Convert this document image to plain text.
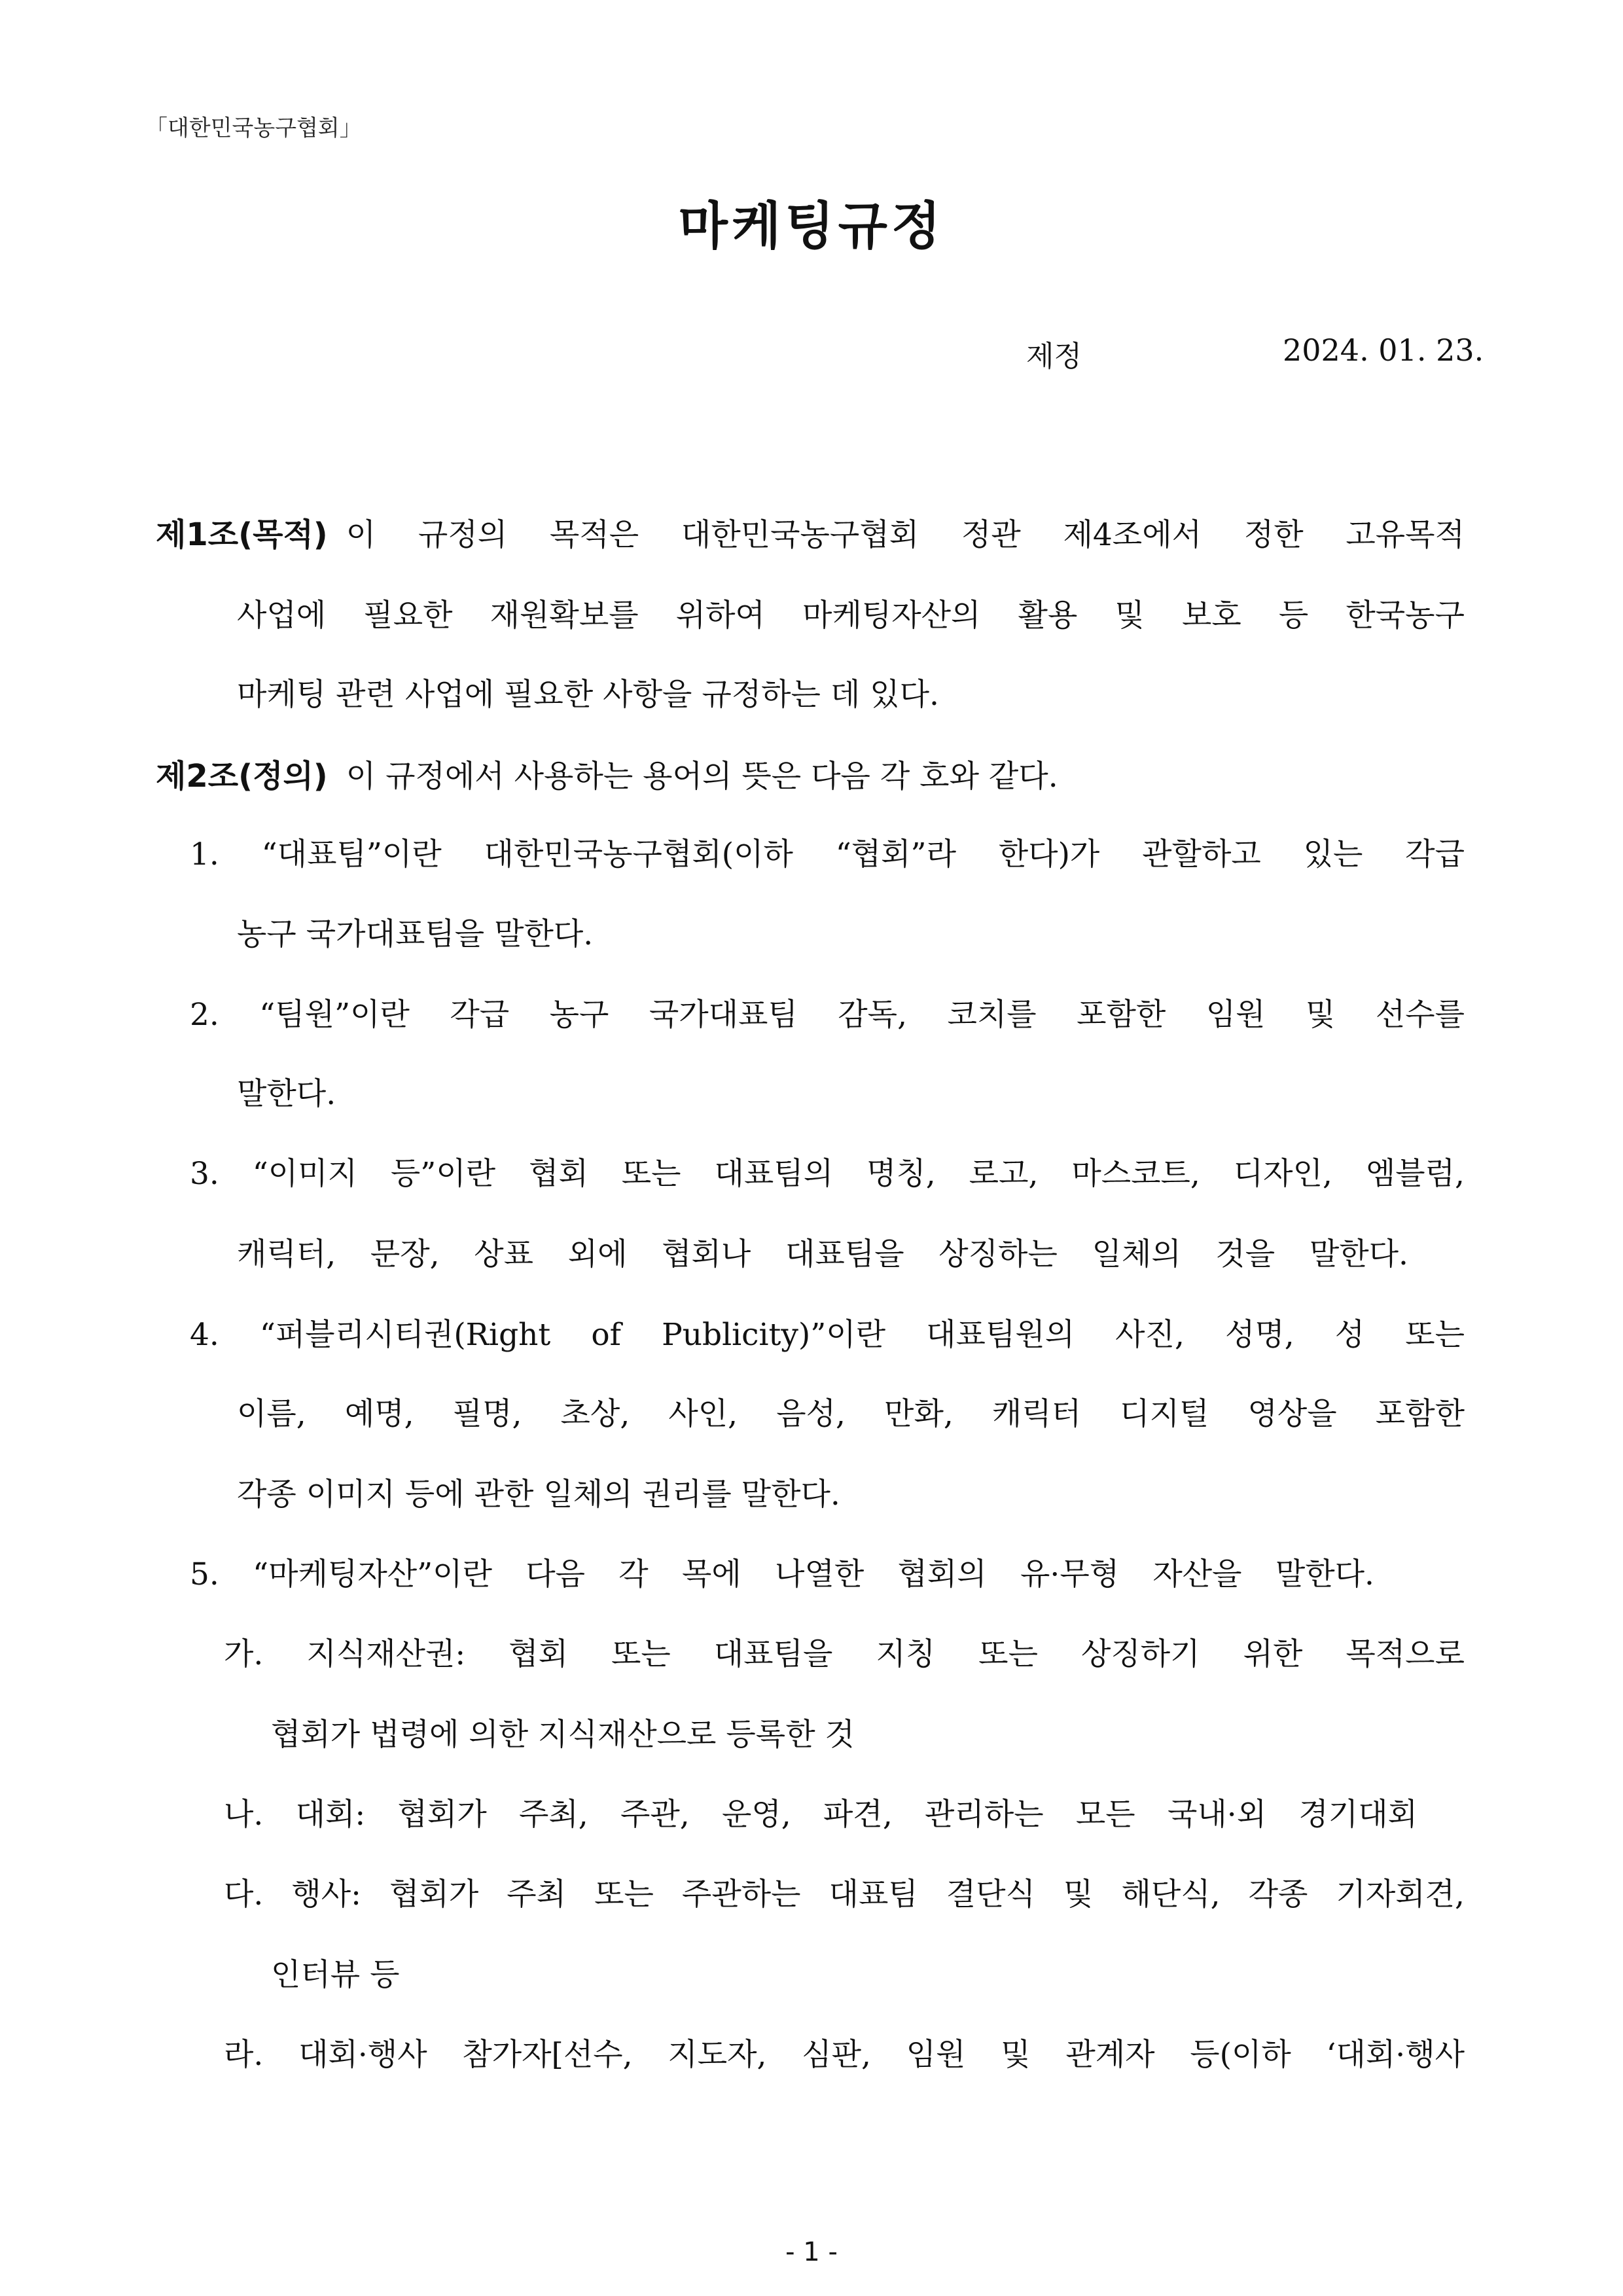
「대한민국농구협회」
마케팅규정
제정	2024. 01. 23.
제1조(목적) 이 규정의 목적은 대한민국농구협회 정관 제4조에서 정한 고유목적
사업에 필요한 재원확보를 위하여 마케팅자산의 활용 및 보호 등 한국농구
마케팅 관련 사업에 필요한 사항을 규정하는 데 있다.
제2조(정의) 이 규정에서 사용하는 용어의 뜻은 다음 각 호와 같다.
1. “대표팀”이란 대한민국농구협회(이하 “협회”라 한다)가 관할하고 있는 각급
농구 국가대표팀을 말한다.
2. “팀원”이란 각급 농구 국가대표팀 감독, 코치를 포함한 임원 및 선수를
말한다.
3. “이미지 등”이란 협회 또는 대표팀의 명칭, 로고, 마스코트, 디자인, 엠블럼,
캐릭터, 문장, 상표 외에 협회나 대표팀을 상징하는 일체의 것을 말한다.
4. “퍼블리시티권(Right of Publicity)”이란 대표팀원의 사진, 성명, 성 또는
이름, 예명, 필명, 초상, 사인, 음성, 만화, 캐릭터 디지털 영상을 포함한
각종 이미지 등에 관한 일체의 권리를 말한다.
5. “마케팅자산”이란 다음 각 목에 나열한 협회의 유·무형 자산을 말한다.
가. 지식재산권: 협회 또는 대표팀을 지칭 또는 상징하기 위한 목적으로
협회가 법령에 의한 지식재산으로 등록한 것
나. 대회: 협회가 주최, 주관, 운영, 파견, 관리하는 모든 국내·외 경기대회
다. 행사: 협회가 주최 또는 주관하는 대표팀 결단식 및 해단식, 각종 기자회견,
인터뷰 등
라. 대회·행사 참가자[선수, 지도자, 심판, 임원 및 관계자 등(이하 ‘대회·행사
- 1 -
